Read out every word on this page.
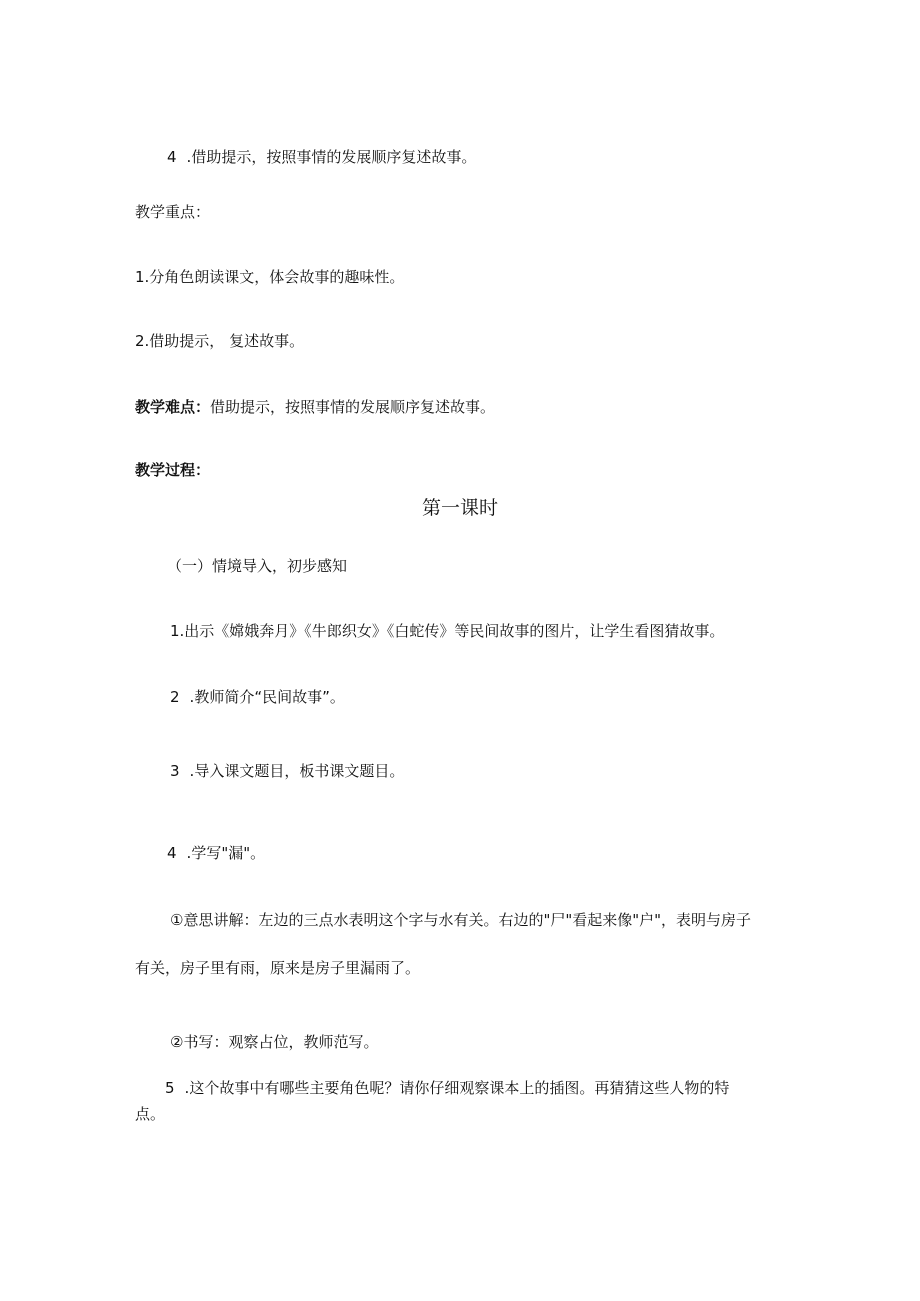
4 .借助提示，按照事情的发展顺序复述故事。

教学重点：

1.分角色朗读课文，体会故事的趣味性。

2.借助提示， 复述故事。

教学难点：借助提示，按照事情的发展顺序复述故事。

教学过程：

第一课时

（一）情境导入，初步感知

1.出示《嫦娥奔月》《牛郎织女》《白蛇传》等民间故事的图片，让学生看图猜故事。

2 .教师简介“民间故事”。

3 .导入课文题目，板书课文题目。

4 .学写"漏"。

①意思讲解：左边的三点水表明这个字与水有关。右边的"尸"看起来像"户"，表明与房子

有关，房子里有雨，原来是房子里漏雨了。

②书写：观察占位，教师范写。

5 .这个故事中有哪些主要角色呢？请你仔细观察课本上的插图。再猜猜这些人物的特

点。
